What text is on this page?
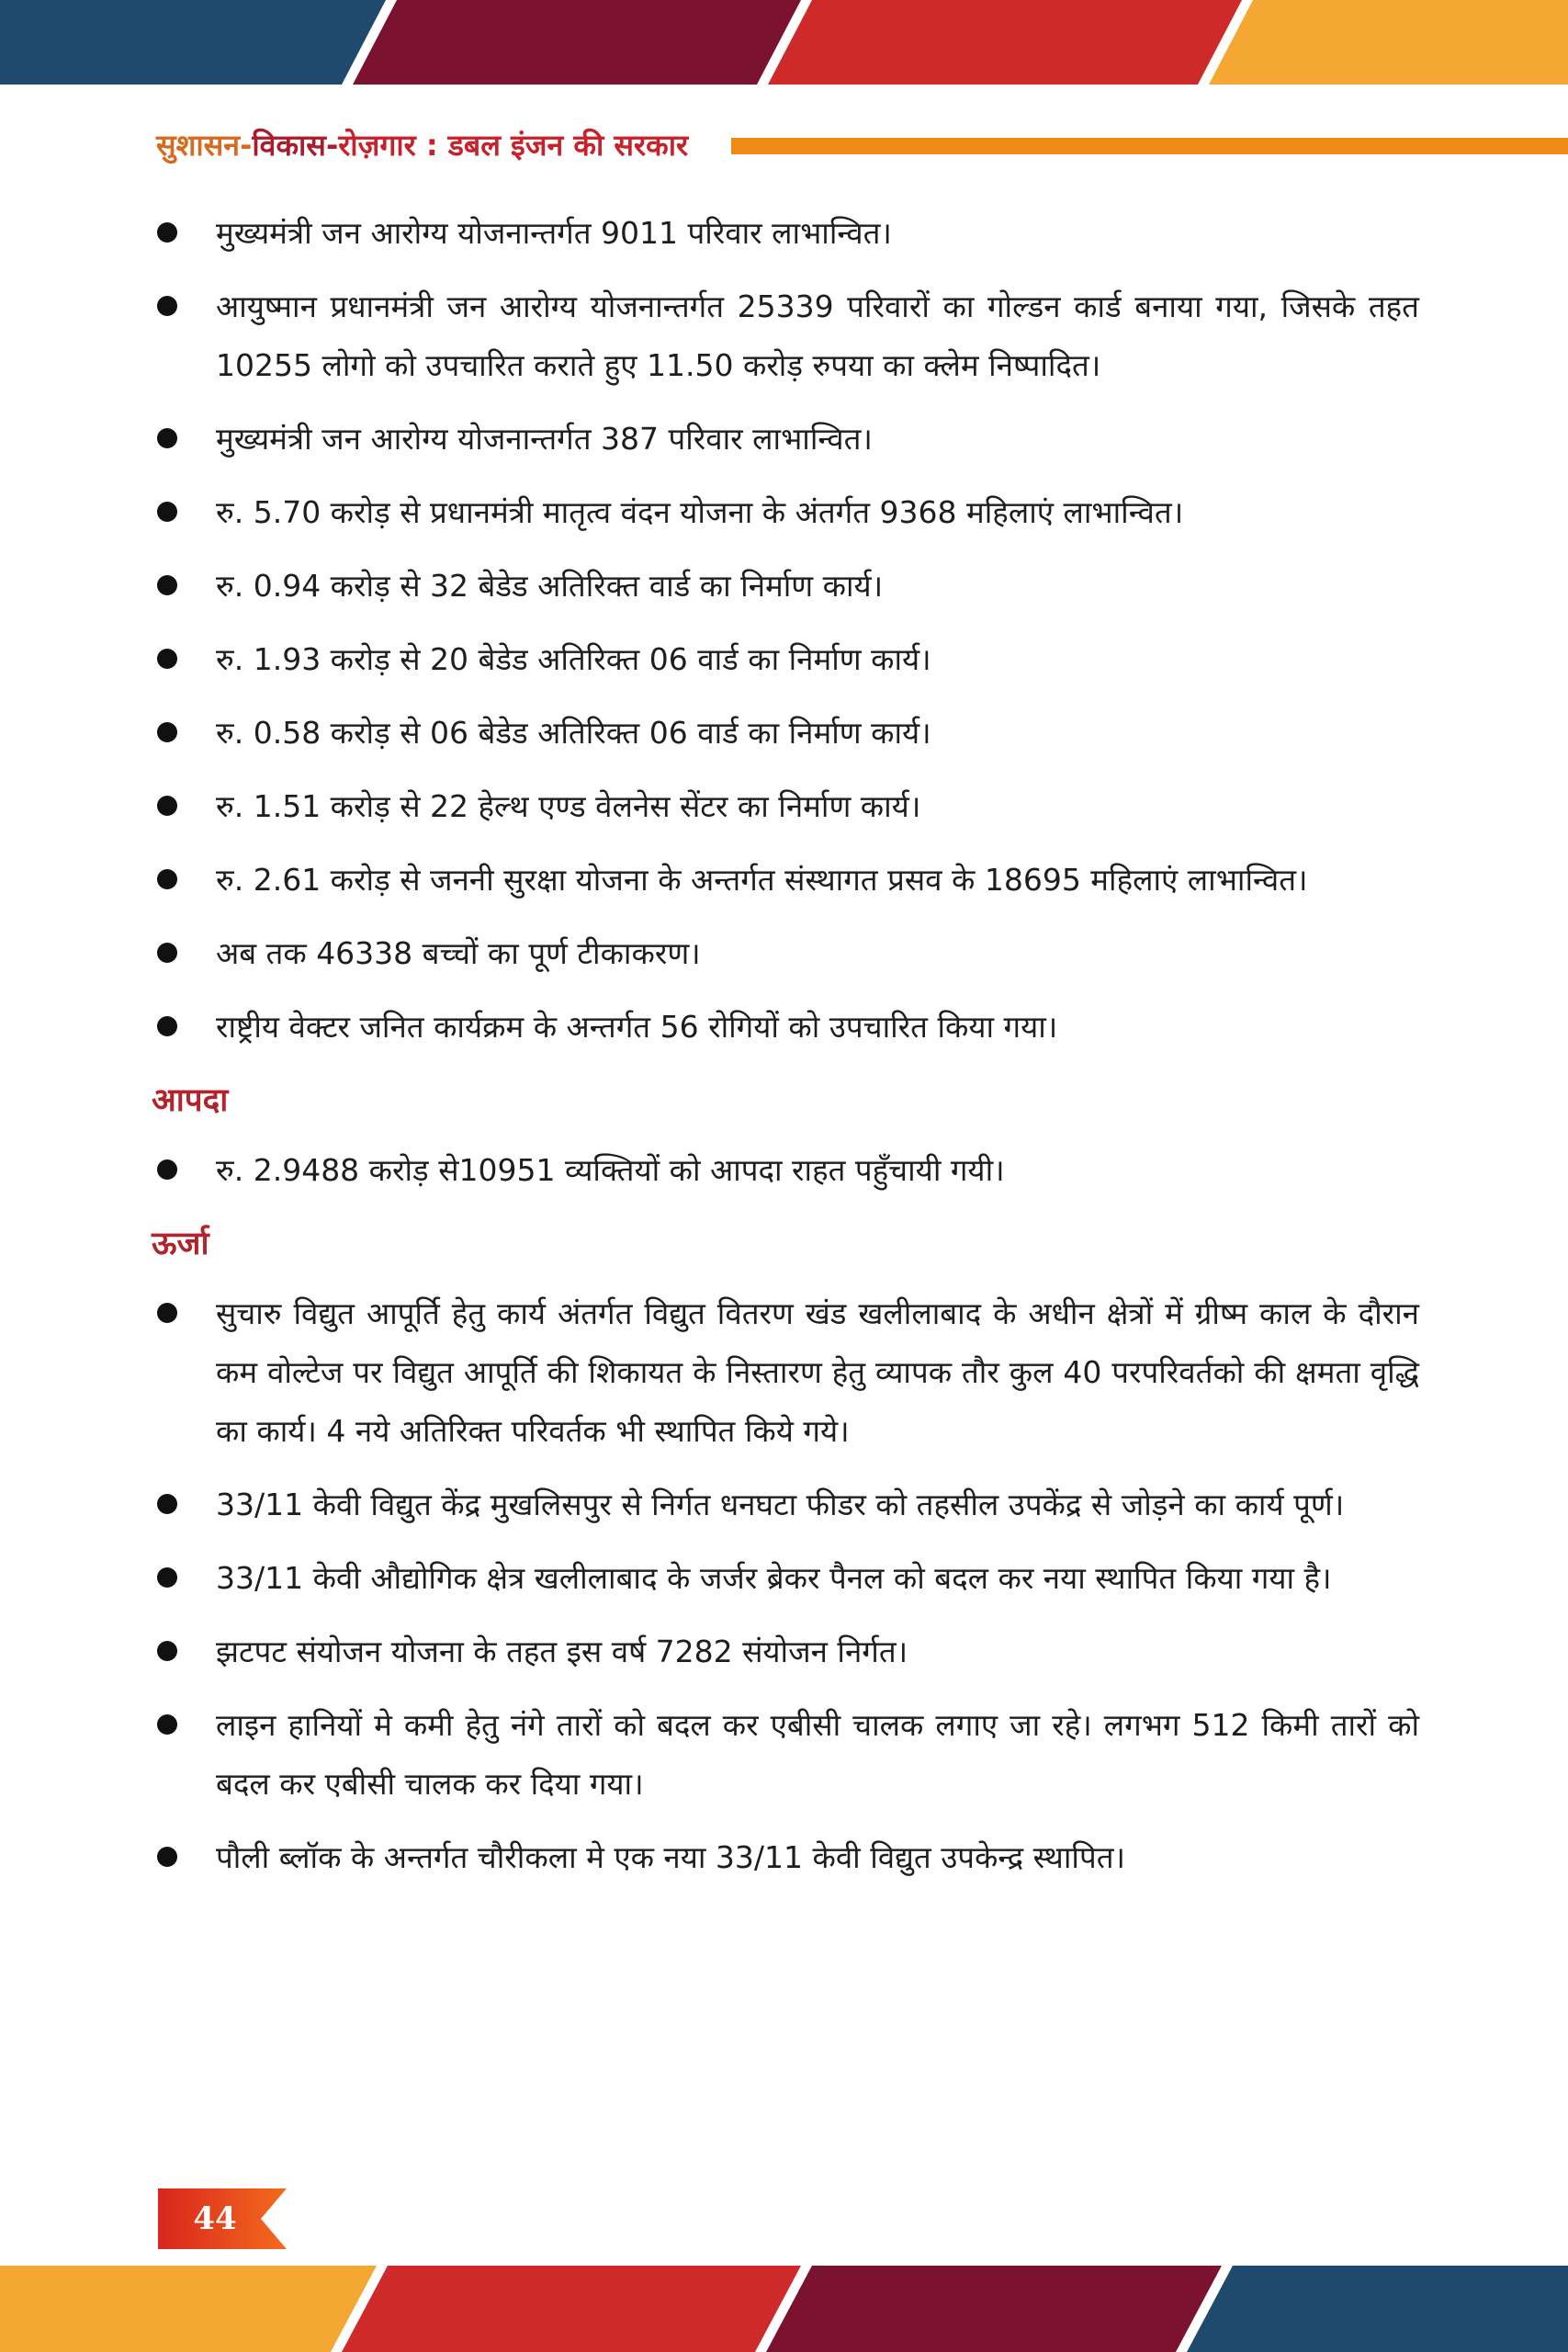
सुशासन-विकास-रोज़गार : डबल इंजन की सरकार
मुख्यमंत्री जन आरोग्य योजनान्तर्गत 9011 परिवार लाभान्वित।
आयुष्मान प्रधानमंत्री जन आरोग्य योजनान्तर्गत 25339 परिवारों का गोल्डन कार्ड बनाया गया, जिसके तहत 10255 लोगो को उपचारित कराते हुए 11.50 करोड़ रुपया का क्लेम निष्पादित।
मुख्यमंत्री जन आरोग्य योजनान्तर्गत 387 परिवार लाभान्वित।
रु. 5.70 करोड़ से प्रधानमंत्री मातृत्व वंदन योजना के अंतर्गत 9368 महिलाएं लाभान्वित।
रु. 0.94 करोड़ से 32 बेडेड अतिरिक्त वार्ड का निर्माण कार्य।
रु. 1.93 करोड़ से 20 बेडेड अतिरिक्त 06 वार्ड का निर्माण कार्य।
रु. 0.58 करोड़ से 06 बेडेड अतिरिक्त 06 वार्ड का निर्माण कार्य।
रु. 1.51 करोड़ से 22 हेल्थ एण्ड वेलनेस सेंटर का निर्माण कार्य।
रु. 2.61 करोड़ से जननी सुरक्षा योजना के अन्तर्गत संस्थागत प्रसव के 18695 महिलाएं लाभान्वित।
अब तक 46338 बच्चों का पूर्ण टीकाकरण।
राष्ट्रीय वेक्टर जनित कार्यक्रम के अन्तर्गत 56 रोगियों को उपचारित किया गया।
आपदा
रु. 2.9488 करोड़ से10951 व्यक्तियों को आपदा राहत पहुँचायी गयी।
ऊर्जा
सुचारु विद्युत आपूर्ति हेतु कार्य अंतर्गत विद्युत वितरण खंड खलीलाबाद के अधीन क्षेत्रों में ग्रीष्म काल के दौरान कम वोल्टेज पर विद्युत आपूर्ति की शिकायत के निस्तारण हेतु व्यापक तौर कुल 40 परपरिवर्तको की क्षमता वृद्धि का कार्य। 4 नये अतिरिक्त परिवर्तक भी स्थापित किये गये।
33/11 केवी विद्युत केंद्र मुखलिसपुर से निर्गत धनघटा फीडर को तहसील उपकेंद्र से जोड़ने का कार्य पूर्ण।
33/11 केवी औद्योगिक क्षेत्र खलीलाबाद के जर्जर ब्रेकर पैनल को बदल कर नया स्थापित किया गया है।
झटपट संयोजन योजना के तहत इस वर्ष 7282 संयोजन निर्गत।
लाइन हानियों मे कमी हेतु नंगे तारों को बदल कर एबीसी चालक लगाए जा रहे। लगभग 512 किमी तारों को बदल कर एबीसी चालक कर दिया गया।
पौली ब्लॉक के अन्तर्गत चौरीकला मे एक नया 33/11 केवी विद्युत उपकेन्द्र स्थापित।
44
